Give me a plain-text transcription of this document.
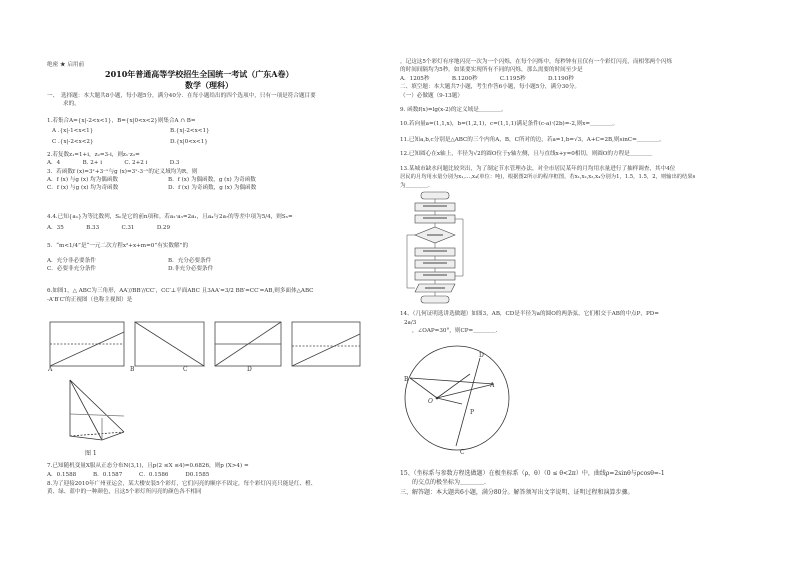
绝密 ★ 启用前
2010年普通高等学校招生全国统一考试（广东A卷）
数学（理科）
一、　选择题：本大题共8小题，每小题5分，满分40分．在每小题给出的四个选项中，只有一项是符合题目要
求的。
1.若集合A={x|-2<x<1}，B={x|0<x<2}则集合A ∩ B=
A .{x|-1<x<1}	B.{x|-2<x<1}
C .{x|-2<x<2}	D.{x|0<x<1}
2.若复数z₁=1+i，z₂=3-i，则z₁·z₂=
A．4　　　　B. 2+ i　　　　C. 2+2 i　　　　D.3
3．若函数f (x)=3ˣ+3⁻ˣ与g (x)=3ˣ-3⁻ˣ的定义域均为R，则
A．f (x) 与g (x) 均为偶函数	B．f (x) 为偶函数，g (x) 为奇函数
C．f (x) 与g (x) 均为奇函数	D．f (x) 为奇函数，g (x) 为偶函数
4.4.已知{aₙ}为等比数列，Sₙ是它的前n项和。若a₂·a₃=2a₁，且a₄与2a₇的等差中项为5/4，则S₅=
A．35　　　　B.33　　　　C.31　　　　D.29
5．“m<1/4”是“一元二次方程x²+x+m=0”有实数解”的
A．充分非必要条件	B．充分必要条件
C．必要非充分条件	D.非充分必要条件
6.如图1，△ ABC为三角形，AA′//BB′//CC′，CC′⊥平面ABC 且3AA′=3/2 BB′=CC′=AB,则多面体△ABC
-A′B′C′的正视图（也称主视图）是
A	B	C	D
图 1
7.已知随机变量X服从正态分布N(3,1)，且p(2 ≤X ≤4)=0.6826，则p (X>4) =
A．0.1588　　　B．0.1587　　　C．0.1586　　　D0.1585
8.为了迎接2010年广州亚运会，某大楼安装5个彩灯，它们闪亮的顺序不固定，每个彩灯闪亮只能是红、橙、
黄、绿、蓝中的一种颜色，且这5个彩灯所闪亮的颜色各不相同
。记这这5个彩灯有序地闪亮一次为一个闪烁，在每个闪烁中，每秒钟有且仅有一个彩灯闪亮，而相邻两个闪烁
的时间间隔均为5秒。如果要实现所有不同的闪烁，那么需要的时间至少是
A．1205秒　　　　B.1200秒　　　　C.1195秒　　　　D.1190秒
二、填空题：本大题共7小题，考生作答6小题，每小题5分，满分30分。
（一）必做题（9-13题）
9. 函数f(x)=lg(x-2)的定义域是＿＿＿＿。
10.若向量a=(1,1,x)，b=(1,2,1)，c=(1,1,1)满足条件(c-a)·(2b)=-2,则x=＿＿＿＿。
11.已知a,b,c分别是△ABC的三个内角A，B，C所对的边，若a=1,b=√3，A+C=2B,则sinC=＿＿＿＿。
12.已知圆心在x轴上，半径为√2的圆O位于y轴左侧，且与直线x+y=0相切，则圆O的方程是＿＿＿＿
13.某城市缺水问题比较突出，为了制定节水管理办法，对全市居民某年的月均用水量进行了抽样调查，其中4位
居民的月均用水量分别为x₁,…,x₄(单位：吨)，根据图2所示的程序框图，若x₁,x₂,x₃,x₄分别为1，1.5，1.5，2，则输出的结果s
为＿＿＿＿.
14、（几何证明选讲选做题）如图3，AB，CD是半径为a的圆O的两条弦，它们相交于AB的中点P，PD=
2a/3
，∠OAP=30°，则CP=＿＿＿＿.
A
O
P
D
C
B
15、（坐标系与参数方程选做题）在极坐标系（ρ，θ）（0 ≤ θ<2π）中，曲线ρ=2sinθ与ρcosθ=-1
的交点的极坐标为＿＿＿＿.
三、解答题：本大题共6小题，满分80分。解答须写出文字说明、证明过程和演算步骤。
